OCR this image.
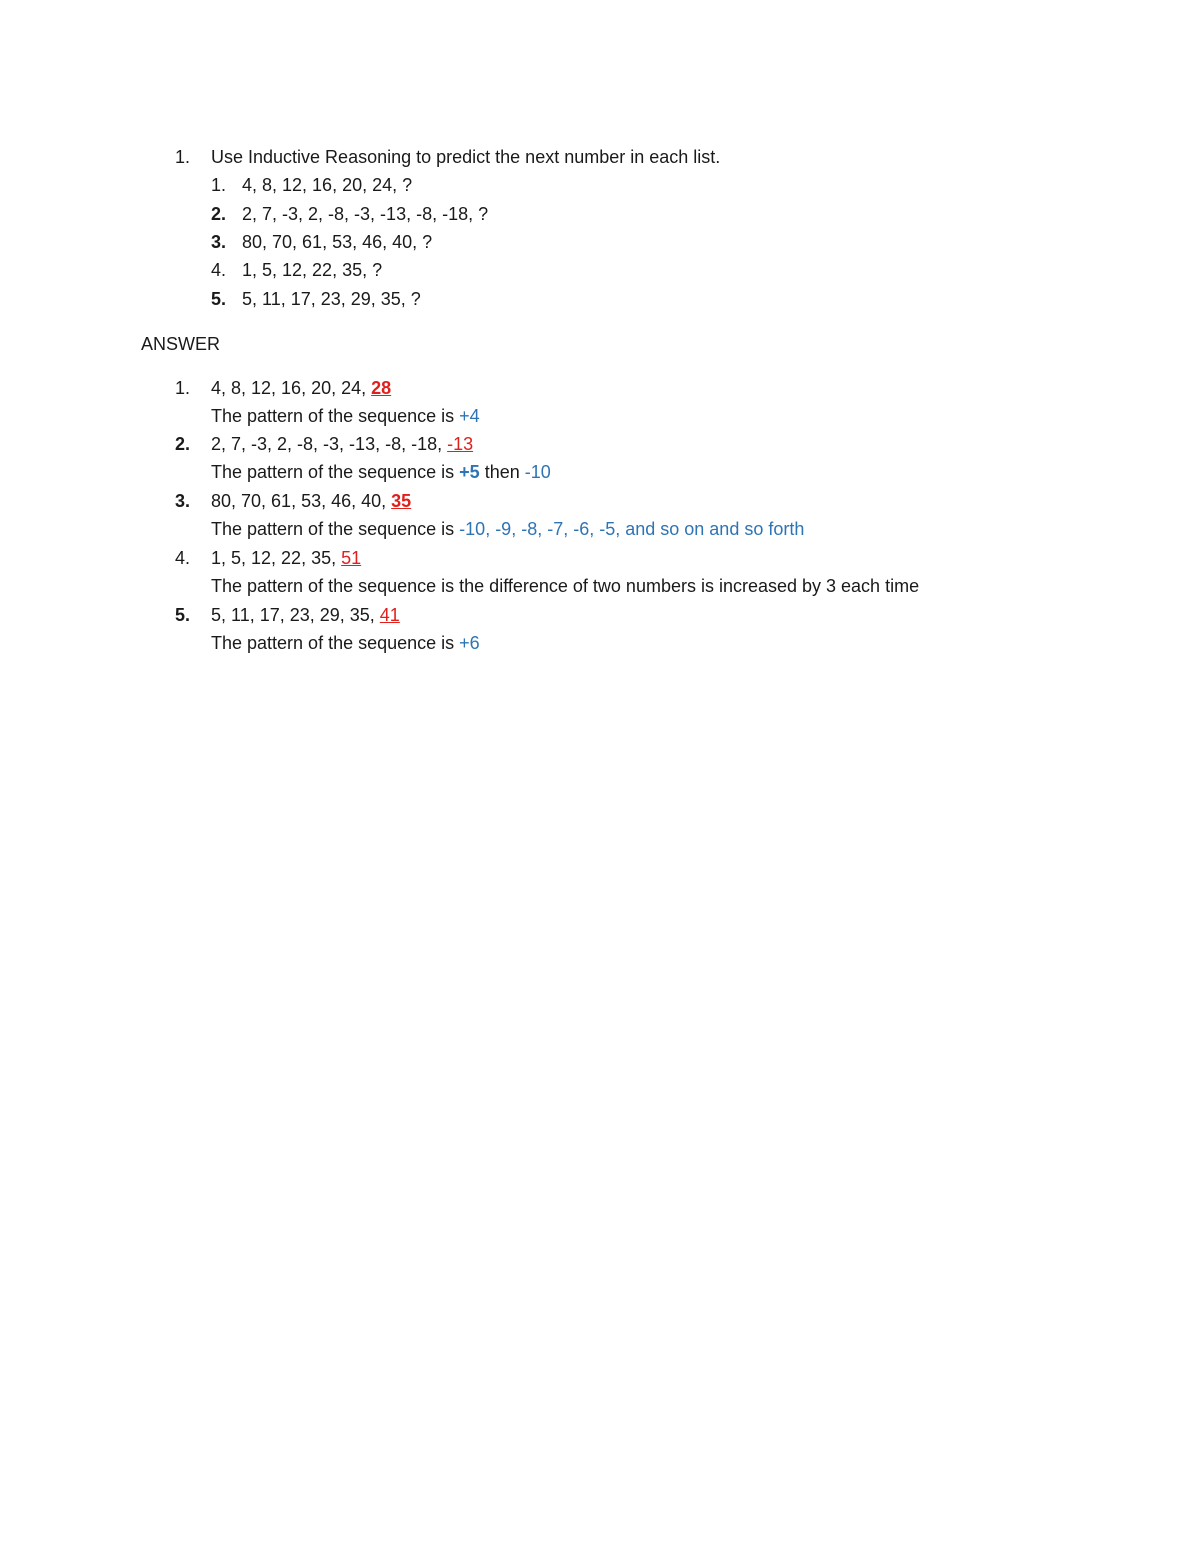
1. Use Inductive Reasoning to predict the next number in each list.
1. 4, 8, 12, 16, 20, 24, ?
2. 2, 7, -3, 2, -8, -3, -13, -8, -18, ?
3. 80, 70, 61, 53, 46, 40, ?
4. 1, 5, 12, 22, 35, ?
5. 5, 11, 17, 23, 29, 35, ?
ANSWER
1. 4, 8, 12, 16, 20, 24, 28
The pattern of the sequence is +4
2. 2, 7, -3, 2, -8, -3, -13, -8, -18, -13
The pattern of the sequence is +5 then -10
3. 80, 70, 61, 53, 46, 40, 35
The pattern of the sequence is -10, -9, -8, -7, -6, -5, and so on and so forth
4. 1, 5, 12, 22, 35, 51
The pattern of the sequence is the difference of two numbers is increased by 3 each time
5. 5, 11, 17, 23, 29, 35, 41
The pattern of the sequence is +6
